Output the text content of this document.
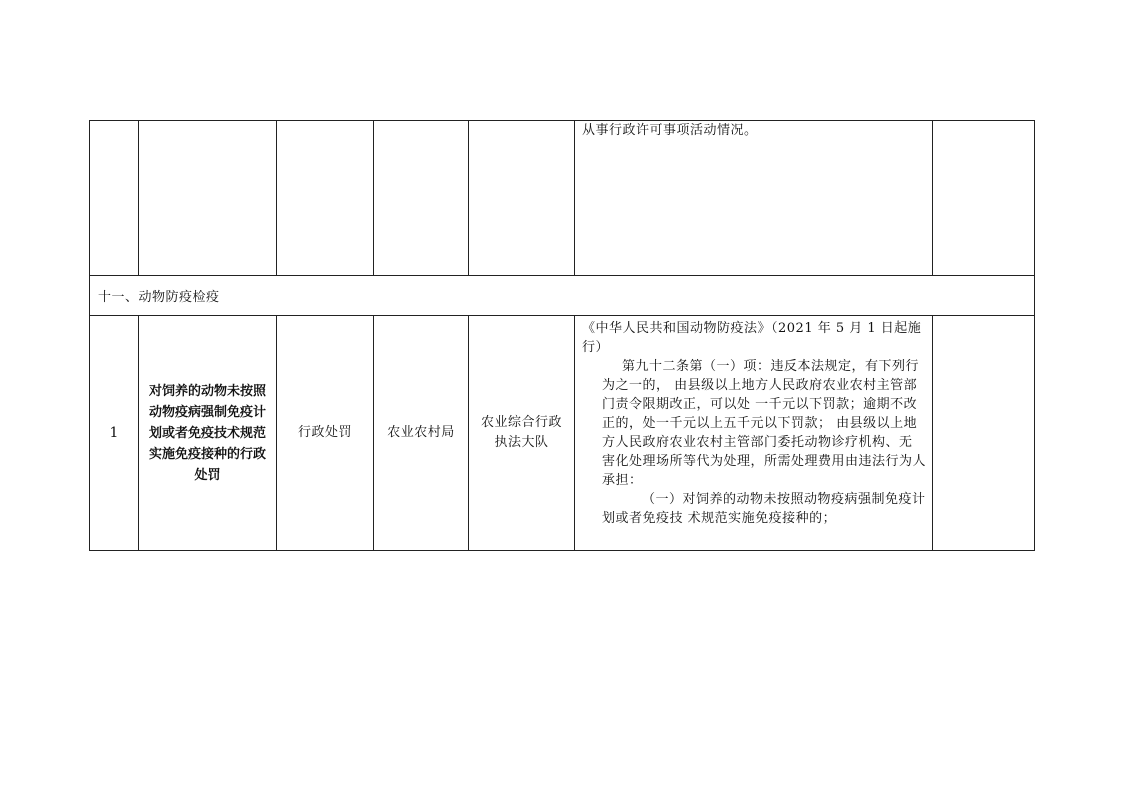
					从事行政许可事项活动情况。	

十一、动物防疫检疫						
1	对饲养的动物未按照动物疫病强制免疫计划或者免疫技术规范实施免疫接种的行政处罚	行政处罚	农业农村局	农业综合行政执法大队	《中华人民共和国动物防疫法》（2021 年 5 月 1 日起施行）
第九十二条第（一）项：违反本法规定，有下列行为之一的， 由县级以上地方人民政府农业农村主管部门责令限期改正，可以处 一千元以下罚款；逾期不改正的，处一千元以上五千元以下罚款； 由县级以上地方人民政府农业农村主管部门委托动物诊疗机构、无 害化处理场所等代为处理，所需处理费用由违法行为人承担：
（一）对饲养的动物未按照动物疫病强制免疫计划或者免疫技 术规范实施免疫接种的；	
